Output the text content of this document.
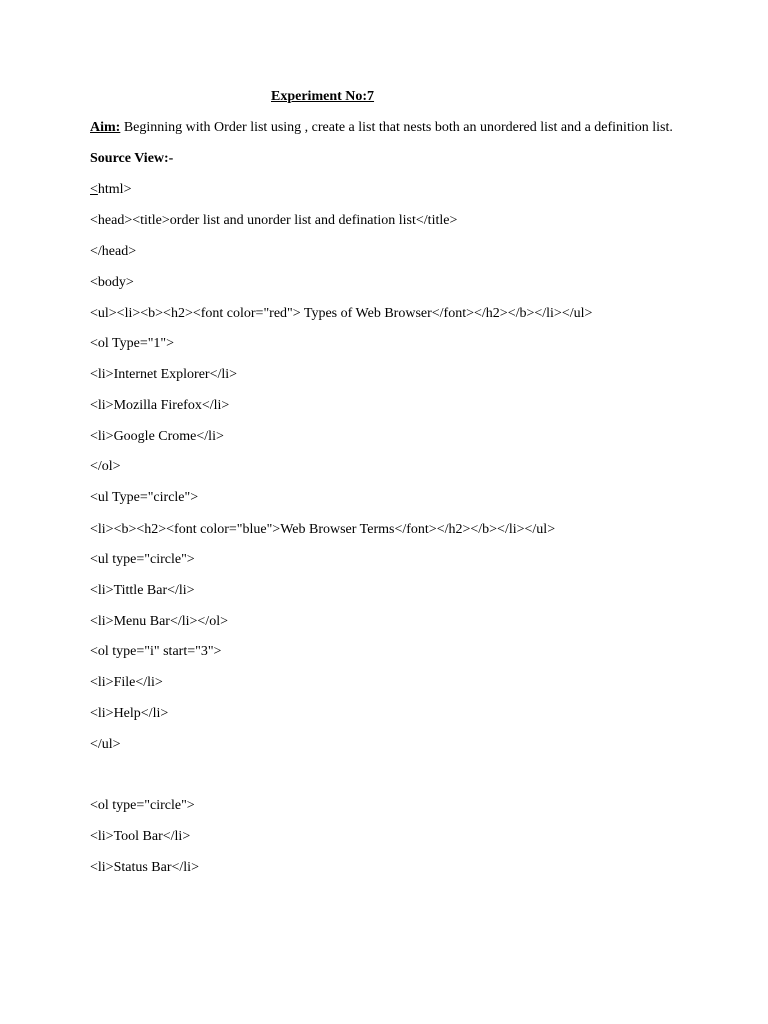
Experiment No:7
Aim: Beginning with Order list using , create a list that nests both an unordered list and a definition list.
Source View:-
<html>
<head><title>order list and unorder list and defination list</title>
</head>
<body>
<ul><li><b><h2><font color="red"> Types of Web Browser</font></h2></b></li></ul>
<ol Type="1">
<li>Internet Explorer</li>
<li>Mozilla Firefox</li>
<li>Google Crome</li>
</ol>
<ul Type="circle">
<li><b><h2><font color="blue">Web Browser Terms</font></h2></b></li></ul>
<ul type="circle">
<li>Tittle Bar</li>
<li>Menu Bar</li></ol>
<ol type="i" start="3">
<li>File</li>
<li>Help</li>
</ul>
<ol type="circle">
<li>Tool Bar</li>
<li>Status Bar</li>
